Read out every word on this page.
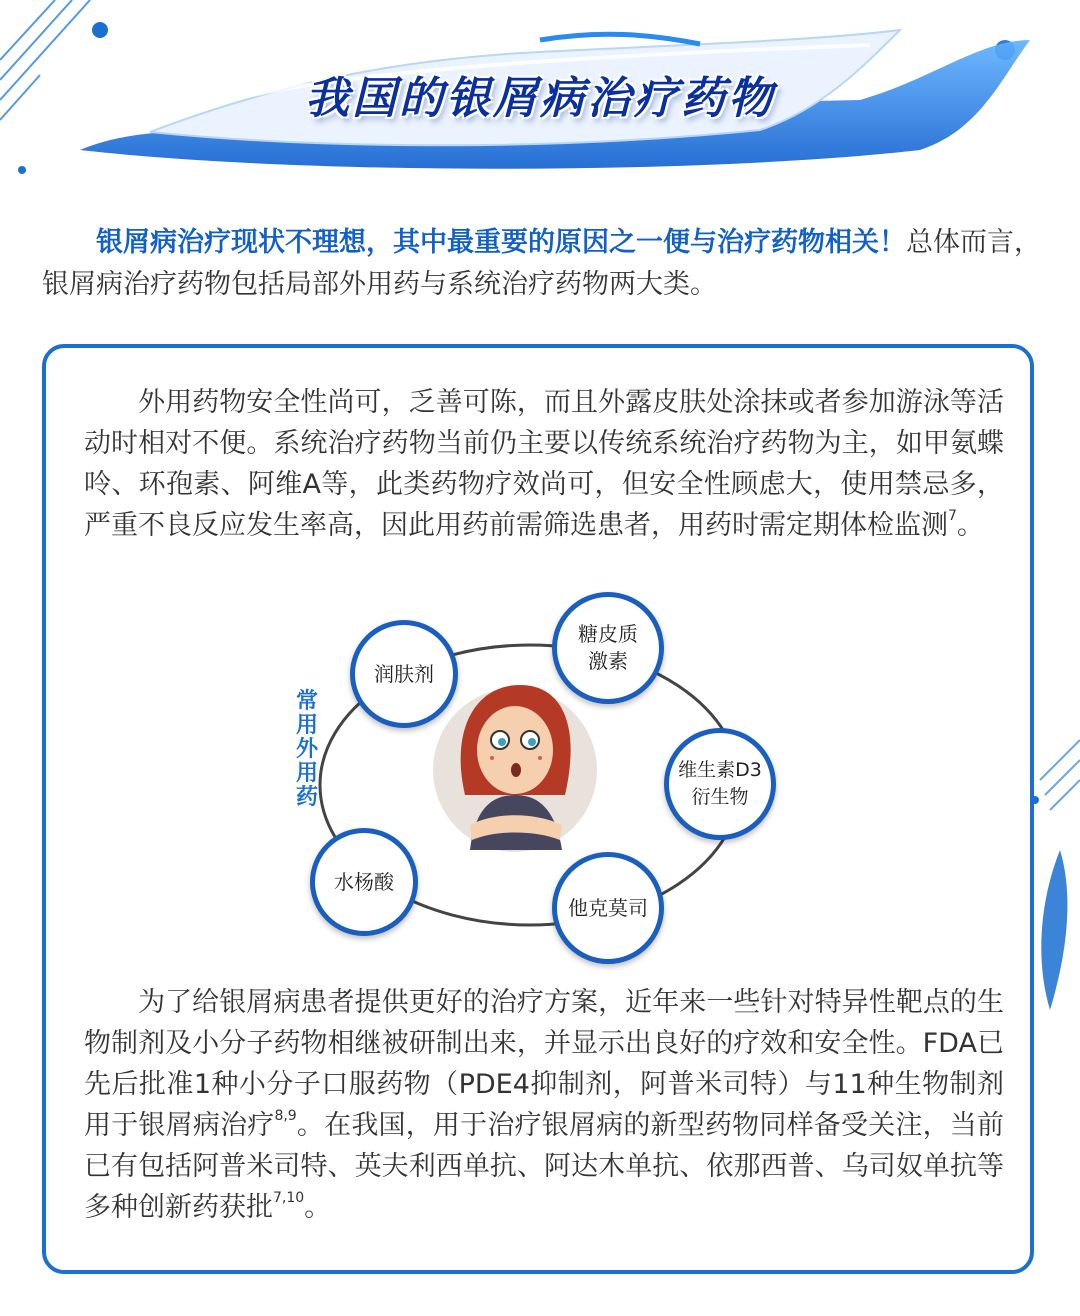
我国的银屑病治疗药物
银屑病治疗现状不理想，其中最重要的原因之一便与治疗药物相关！总体而言，银屑病治疗药物包括局部外用药与系统治疗药物两大类。
外用药物安全性尚可，乏善可陈，而且外露皮肤处涂抹或者参加游泳等活动时相对不便。系统治疗药物当前仍主要以传统系统治疗药物为主，如甲氨蝶呤、环孢素、阿维A等，此类药物疗效尚可，但安全性顾虑大，使用禁忌多，严重不良反应发生率高，因此用药前需筛选患者，用药时需定期体检监测$^7$。
常用外用药
润肤剂
糖皮质
激素
维生素D3
衍生物
他克莫司
水杨酸
为了给银屑病患者提供更好的治疗方案，近年来一些针对特异性靶点的生物制剂及小分子药物相继被研制出来，并显示出良好的疗效和安全性。FDA已先后批准1种小分子口服药物（PDE4抑制剂，阿普米司特）与11种生物制剂用于银屑病治疗$^{8,9}$。在我国，用于治疗银屑病的新型药物同样备受关注，当前已有包括阿普米司特、英夫利西单抗、阿达木单抗、依那西普、乌司奴单抗等多种创新药获批$^{7,10}$。
